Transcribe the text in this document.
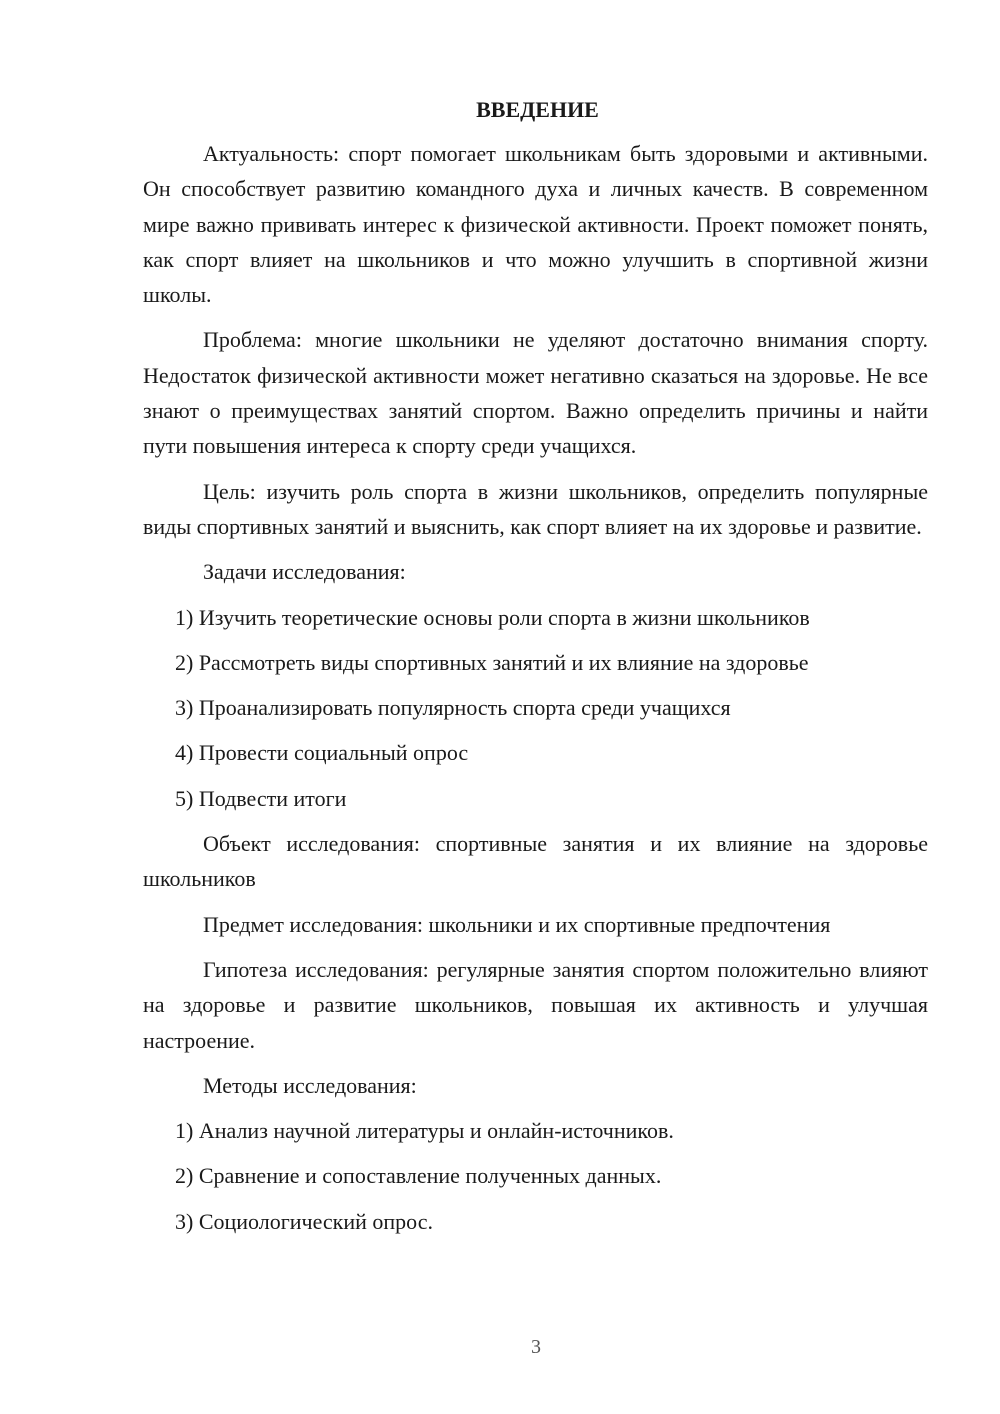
ВВЕДЕНИЕ

Актуальность: спорт помогает школьникам быть здоровыми и активными. Он способствует развитию командного духа и личных качеств. В современном мире важно прививать интерес к физической активности. Проект поможет понять, как спорт влияет на школьников и что можно улучшить в спортивной жизни школы.

Проблема: многие школьники не уделяют достаточно внимания спорту. Недостаток физической активности может негативно сказаться на здоровье. Не все знают о преимуществах занятий спортом. Важно определить причины и найти пути повышения интереса к спорту среди учащихся.

Цель: изучить роль спорта в жизни школьников, определить популярные виды спортивных занятий и выяснить, как спорт влияет на их здоровье и развитие.

Задачи исследования:
1) Изучить теоретические основы роли спорта в жизни школьников
2) Рассмотреть виды спортивных занятий и их влияние на здоровье
3) Проанализировать популярность спорта среди учащихся
4) Провести социальный опрос
5) Подвести итоги

Объект исследования: спортивные занятия и их влияние на здоровье школьников

Предмет исследования: школьники и их спортивные предпочтения

Гипотеза исследования: регулярные занятия спортом положительно влияют на здоровье и развитие школьников, повышая их активность и улучшая настроение.

Методы исследования:
1) Анализ научной литературы и онлайн-источников.
2) Сравнение и сопоставление полученных данных.
3) Социологический опрос.
3
